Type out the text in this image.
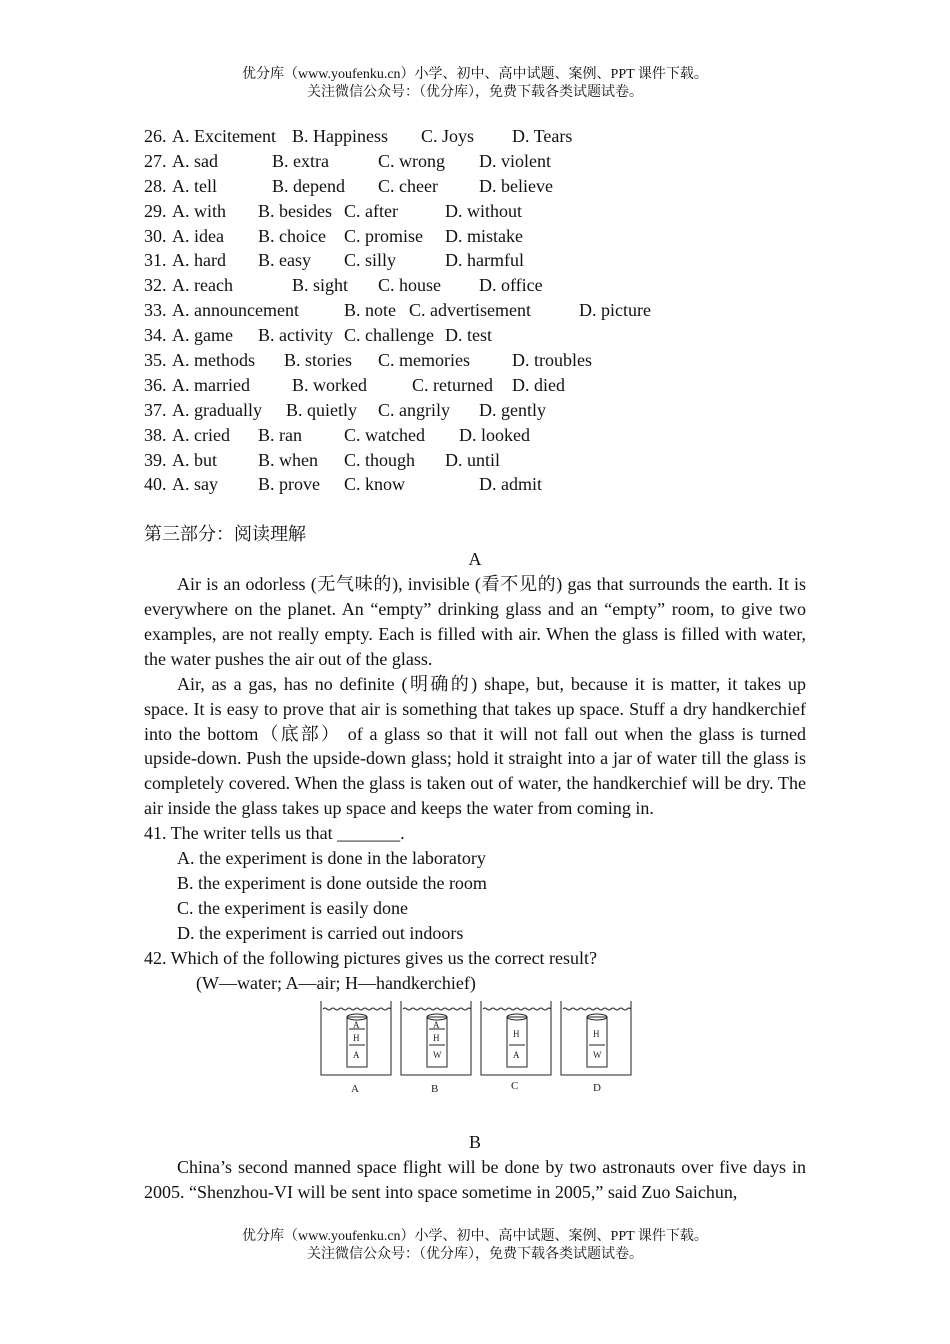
优分库（www.youfenku.cn）小学、初中、高中试题、案例、PPT 课件下载。
关注微信公众号：（优分库），免费下载各类试题试卷。
26. A. Excitement B. Happiness C. Joys D. Tears
27. A. sad	B. extra	C. wrong D. violent
28. A. tell	B. depend C. cheer D. believe
29. A. with B. besides C. after	D. without
30. A. idea B. choice C. promise D. mistake
31. A. hard B. easy C. silly	D. harmful
32. A. reach	B. sight C. house D. office
33. A. announcement	B. note C. advertisement	D. picture
34. A. game B. activity C. challenge D. test
35. A. methods B. stories C. memories D. troubles
36. A. married B. worked	C. returned D. died
37. A. gradually B. quietly C. angrily D. gently
38. A. cried B. ran C. watched D. looked
39. A. but B. when C. though D. until
40. A. say B. prove C. know	D. admit
第三部分：阅读理解
A

Air is an odorless (无气味的), invisible (看不见的) gas that surrounds the earth. It is everywhere on the planet. An “empty” drinking glass and an “empty” room, to give two examples, are not really empty. Each is filled with air. When the glass is filled with water, the water pushes the air out of the glass.

Air, as a gas, has no definite (明确的) shape, but, because it is matter, it takes up space. It is easy to prove that air is something that takes up space. Stuff a dry handkerchief into the bottom（底部） of a glass so that it will not fall out when the glass is turned upside-down. Push the upside-down glass; hold it straight into a jar of water till the glass is completely covered. When the glass is taken out of water, the handkerchief will be dry. The air inside the glass takes up space and keeps the water from coming in.

41. The writer tells us that _______.

A. the experiment is done in the laboratory
B. the experiment is done outside the room
C. the experiment is easily done
D. the experiment is carried out indoors

42. Which of the following pictures gives us the correct result?

(W—water; A—air; H—handkerchief)
A
H
A
A
A
H
W
B
H
A
C
H
W
D
B

China’s second manned space flight will be done by two astronauts over five days in 2005. “Shenzhou-VI will be sent into space sometime in 2005,” said Zuo Saichun,

优分库（www.youfenku.cn）小学、初中、高中试题、案例、PPT 课件下载。
关注微信公众号：（优分库），免费下载各类试题试卷。
